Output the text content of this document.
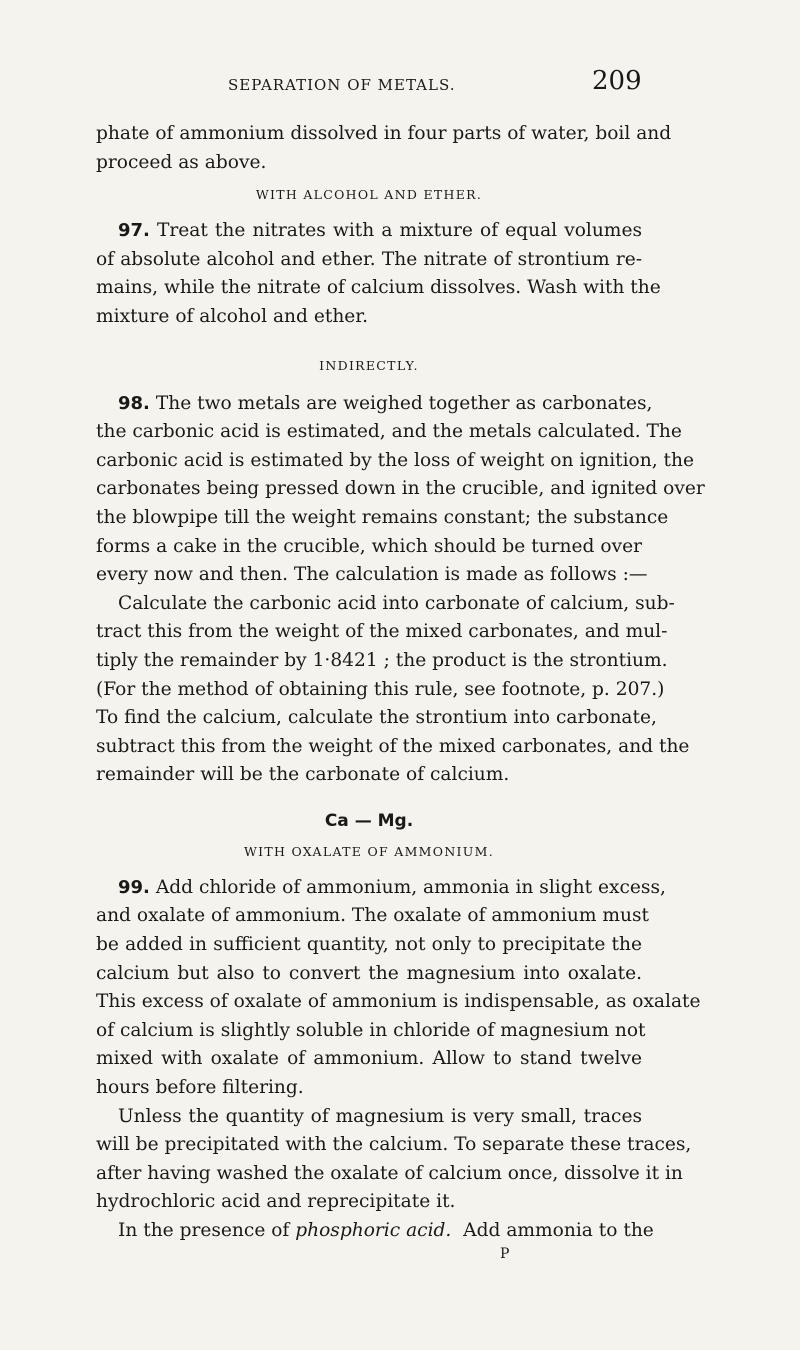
SEPARATION OF METALS.	209
phate of ammonium dissolved in four parts of water, boil and
proceed as above.
WITH ALCOHOL AND ETHER.
97. Treat the nitrates with a mixture of equal volumes
of absolute alcohol and ether. The nitrate of strontium re-
mains, while the nitrate of calcium dissolves. Wash with the
mixture of alcohol and ether.
INDIRECTLY.
98. The two metals are weighed together as carbonates,
the carbonic acid is estimated, and the metals calculated. The
carbonic acid is estimated by the loss of weight on ignition, the
carbonates being pressed down in the crucible, and ignited over
the blowpipe till the weight remains constant; the substance
forms a cake in the crucible, which should be turned over
every now and then. The calculation is made as follows :—
Calculate the carbonic acid into carbonate of calcium, sub-
tract this from the weight of the mixed carbonates, and mul-
tiply the remainder by 1·8421 ; the product is the strontium.
(For the method of obtaining this rule, see footnote, p. 207.)
To find the calcium, calculate the strontium into carbonate,
subtract this from the weight of the mixed carbonates, and the
remainder will be the carbonate of calcium.
Ca — Mg.
WITH OXALATE OF AMMONIUM.
99. Add chloride of ammonium, ammonia in slight excess,
and oxalate of ammonium. The oxalate of ammonium must
be added in sufficient quantity, not only to precipitate the
calcium but also to convert the magnesium into oxalate.
This excess of oxalate of ammonium is indispensable, as oxalate
of calcium is slightly soluble in chloride of magnesium not
mixed with oxalate of ammonium. Allow to stand twelve
hours before filtering.
Unless the quantity of magnesium is very small, traces
will be precipitated with the calcium. To separate these traces,
after having washed the oxalate of calcium once, dissolve it in
hydrochloric acid and reprecipitate it.
In the presence of phosphoric acid. Add ammonia to the
P
